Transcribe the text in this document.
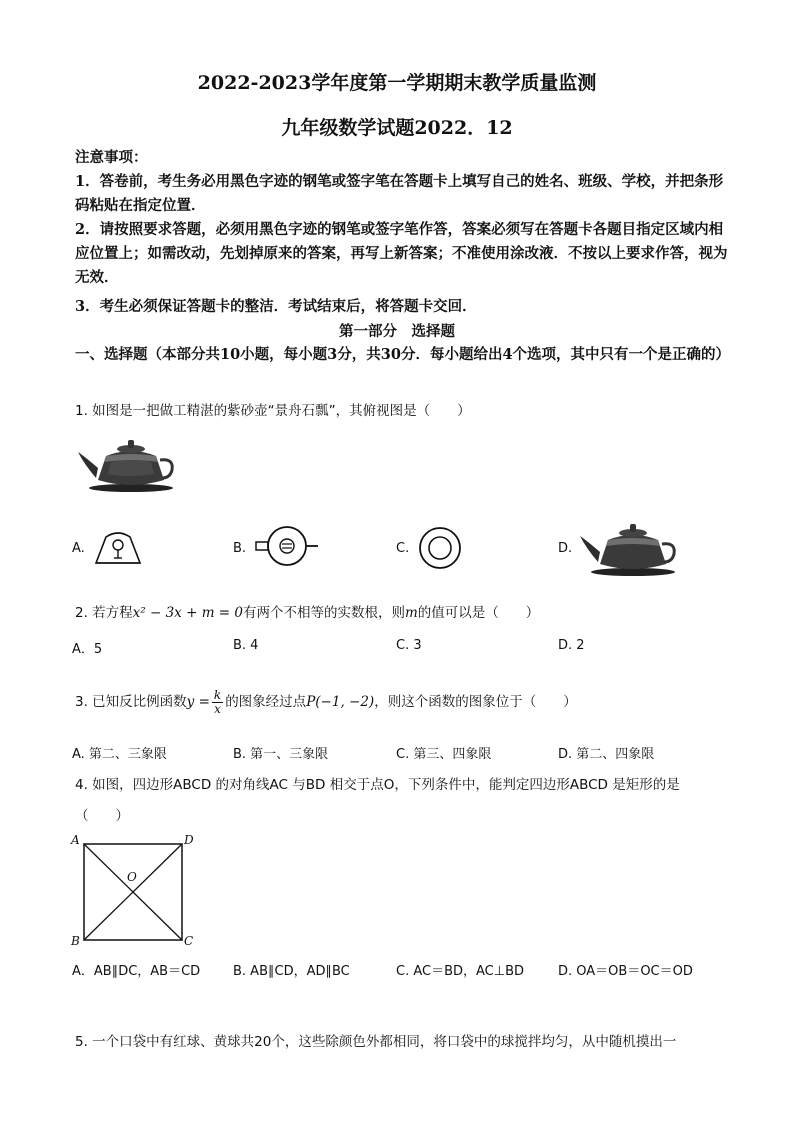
2022-2023学年度第一学期期末教学质量监测
九年级数学试题2022．12
注意事项：
1．答卷前，考生务必用黑色字迹的钢笔或签字笔在答题卡上填写自己的姓名、班级、学校，并把条形码粘贴在指定位置．
2．请按照要求答题，必须用黑色字迹的钢笔或签字笔作答，答案必须写在答题卡各题目指定区域内相应位置上；如需改动，先划掉原来的答案，再写上新答案；不准使用涂改液．不按以上要求作答，视为无效．
3．考生必须保证答题卡的整洁．考试结束后，将答题卡交回．
第一部分　选择题
一、选择题（本部分共10小题，每小题3分，共30分．每小题给出4个选项，其中只有一个是正确的）
1. 如图是一把做工精湛的紫砂壶“景舟石瓢”，其俯视图是（　　）
A.	B.	C.	D.
2. 若方程x² − 3x + m = 0有两个不相等的实数根，则m的值可以是（　　）
A．5	B. 4	C. 3	D. 2
3. 已知反比例函数$y = \frac{k}{x}$ 的图象经过点P(−1, −2)，则这个函数的图象位于（　　）
A. 第二、三象限	B. 第一、三象限	C. 第三、四象限	D. 第二、四象限
4. 如图，四边形ABCD 的对角线AC 与BD 相交于点O，下列条件中，能判定四边形ABCD 是矩形的是
（　　）
A	D
B	C
O
A．AB∥DC，AB＝CD	B. AB∥CD，AD∥BC	C. AC＝BD，AC⊥BD	D. OA＝OB＝OC＝OD
5. 一个口袋中有红球、黄球共20个，这些除颜色外都相同，将口袋中的球搅拌均匀，从中随机摸出一
